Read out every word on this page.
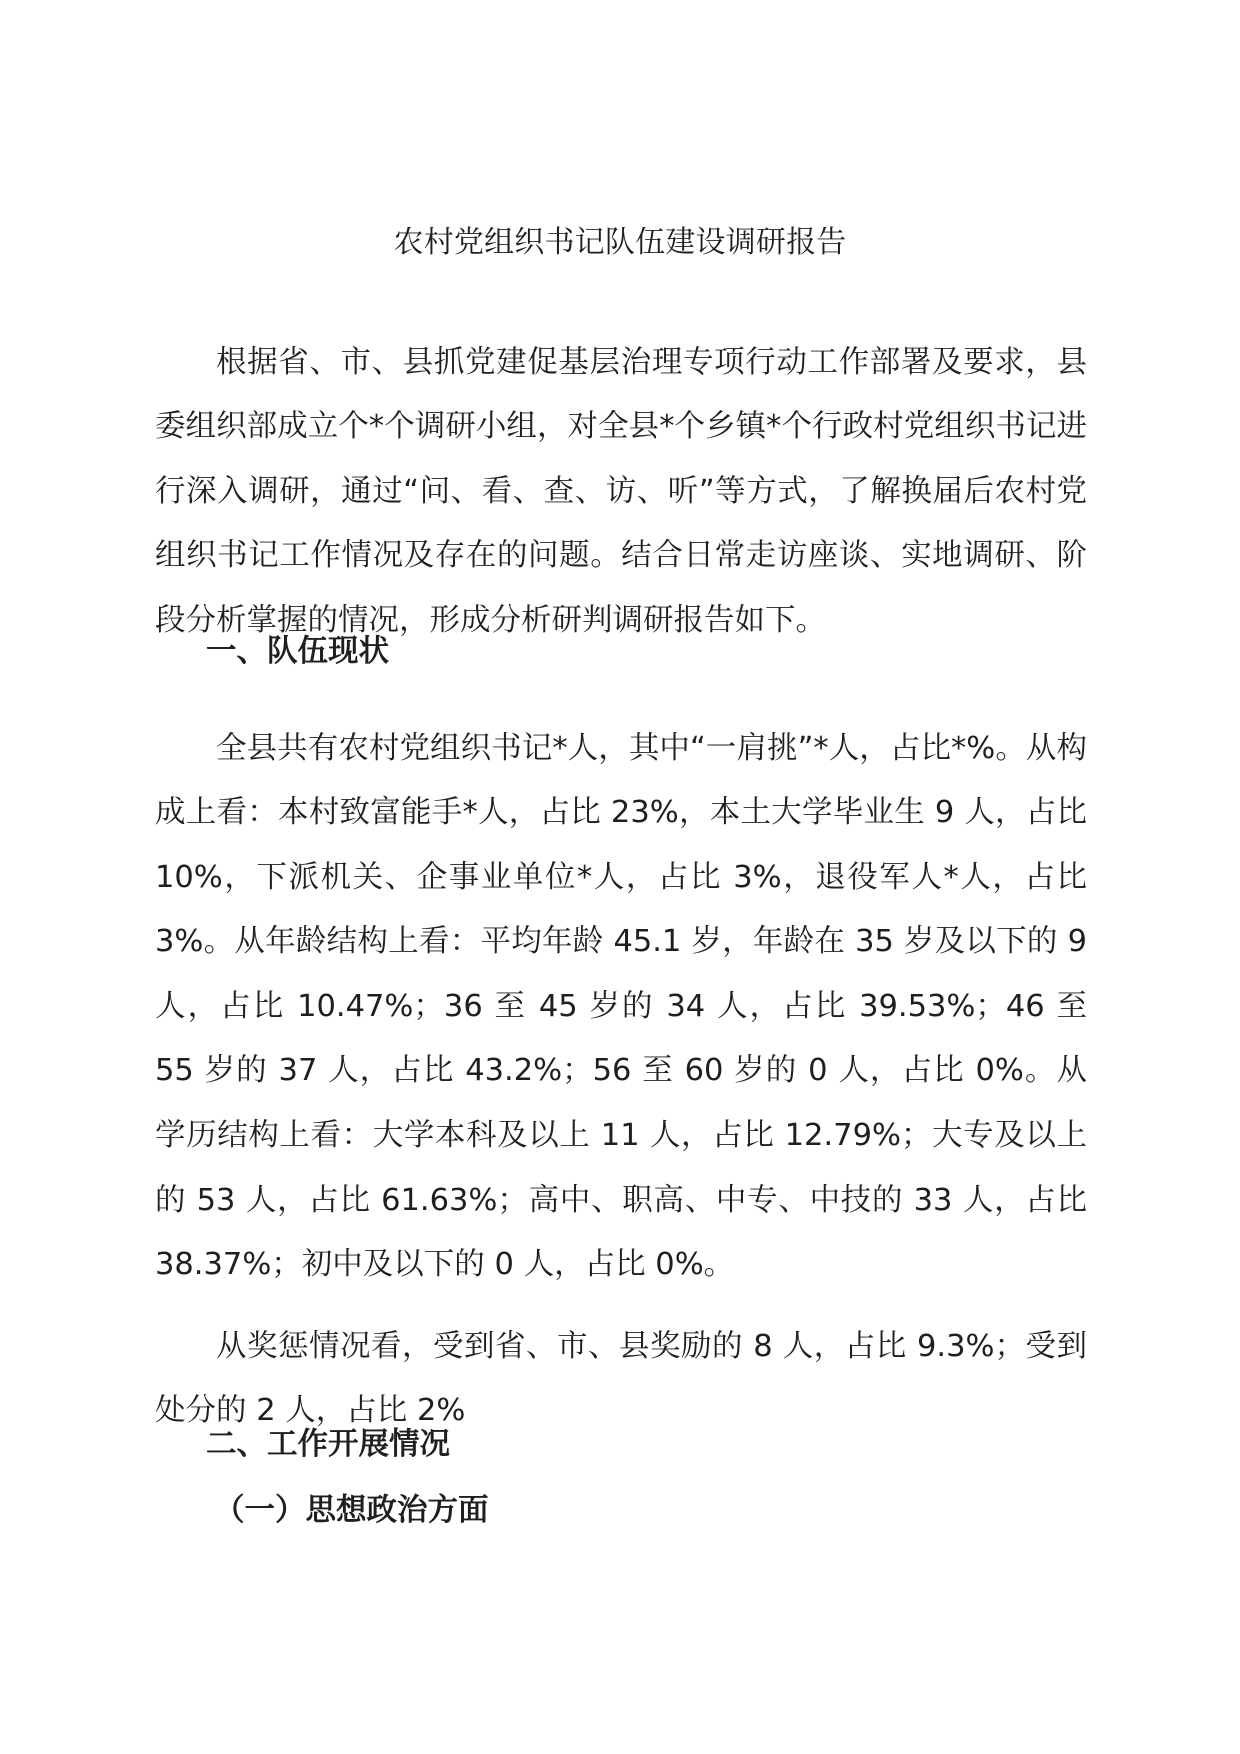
农村党组织书记队伍建设调研报告

根据省、市、县抓党建促基层治理专项行动工作部署及要求，县委组织部成立个*个调研小组，对全县*个乡镇*个行政村党组织书记进行深入调研，通过“问、看、查、访、听”等方式，了解换届后农村党组织书记工作情况及存在的问题。结合日常走访座谈、实地调研、阶段分析掌握的情况，形成分析研判调研报告如下。

一、队伍现状

全县共有农村党组织书记*人，其中“一肩挑”*人，占比*%。从构成上看：本村致富能手*人，占比 23%，本土大学毕业生 9 人，占比 10%，下派机关、企事业单位*人，占比 3%，退役军人*人，占比 3%。从年龄结构上看：平均年龄 45.1 岁，年龄在 35 岁及以下的 9 人，占比 10.47%；36 至 45 岁的 34 人，占比 39.53%；46 至 55 岁的 37 人，占比 43.2%；56 至 60 岁的 0 人，占比 0%。从学历结构上看：大学本科及以上 11 人，占比 12.79%；大专及以上的 53 人，占比 61.63%；高中、职高、中专、中技的 33 人，占比 38.37%；初中及以下的 0 人，占比 0%。

从奖惩情况看，受到省、市、县奖励的 8 人，占比 9.3%；受到处分的 2 人，占比 2%

二、工作开展情况
（一）思想政治方面
